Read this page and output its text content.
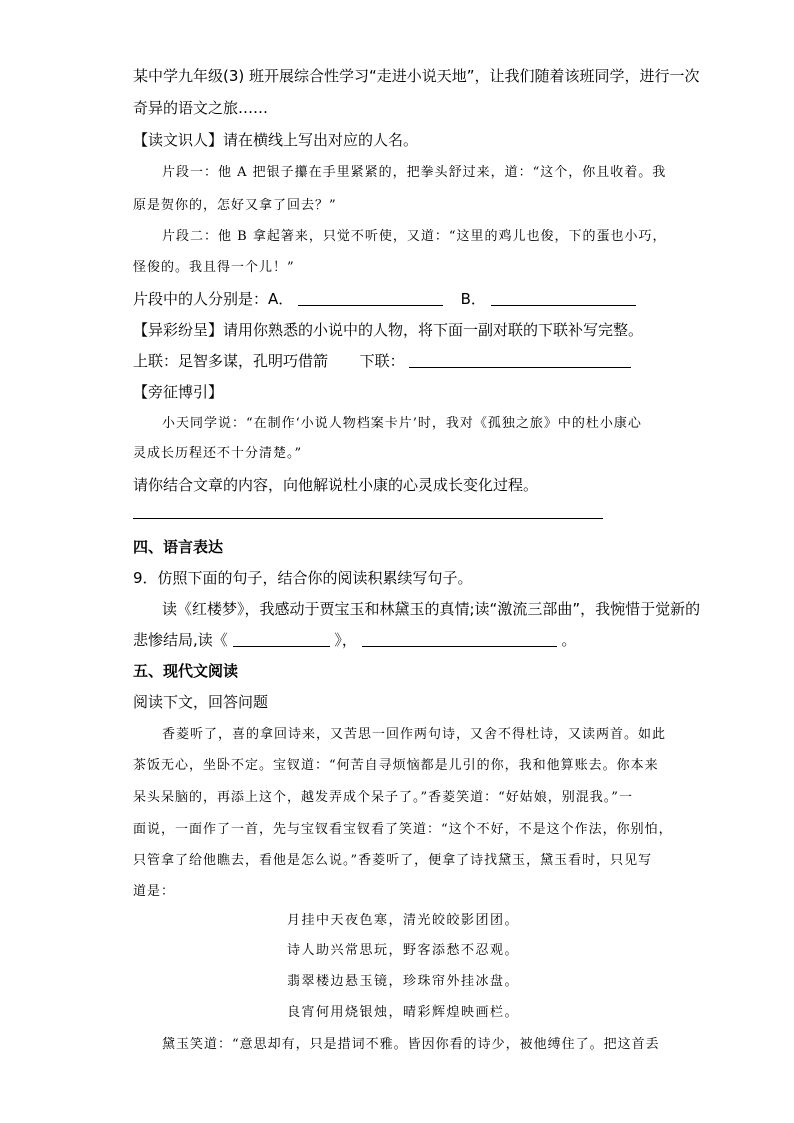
某中学九年级(3) 班开展综合性学习“走进小说天地”，让我们随着该班同学，进行一次
奇异的语文之旅……
【读文识人】请在横线上写出对应的人名。
片段一：他 A 把银子攥在手里紧紧的，把拳头舒过来，道：“这个，你且收着。我
原是贺你的，怎好又拿了回去？”
片段二：他 B 拿起箸来，只觉不听使，又道：“这里的鸡儿也俊，下的蛋也小巧，
怪俊的。我且得一个儿！”
片段中的人分别是：A．	B．
【异彩纷呈】请用你熟悉的小说中的人物，将下面一副对联的下联补写完整。
上联：足智多谋，孔明巧借箭 下联：
【旁征博引】
小天同学说：“在制作‘小说人物档案卡片’时，我对《孤独之旅》中的杜小康心
灵成长历程还不十分清楚。”
请你结合文章的内容，向他解说杜小康的心灵成长变化过程。
四、语言表达
9．仿照下面的句子，结合你的阅读积累续写句子。
读《红楼梦》，我感动于贾宝玉和林黛玉的真情;读“激流三部曲”，我惋惜于觉新的
悲惨结局,读《	》，	。
五、现代文阅读
阅读下文，回答问题
香菱听了，喜的拿回诗来，又苦思一回作两句诗，又舍不得杜诗，又读两首。如此
茶饭无心，坐卧不定。宝钗道：“何苦自寻烦恼都是儿引的你，我和他算账去。你本来
呆头呆脑的，再添上这个，越发弄成个呆子了。”香菱笑道：“好姑娘，别混我。”一
面说，一面作了一首，先与宝钗看宝钗看了笑道：“这个不好，不是这个作法，你别怕，
只管拿了给他瞧去，看他是怎么说。”香菱听了，便拿了诗找黛玉，黛玉看时，只见写
道是：
月挂中天夜色寒，清光皎皎影团团。
诗人助兴常思玩，野客添愁不忍观。
翡翠楼边悬玉镜，珍珠帘外挂冰盘。
良宵何用烧银烛，晴彩辉煌映画栏。
黛玉笑道：“意思却有，只是措词不雅。皆因你看的诗少，被他缚住了。把这首丢
